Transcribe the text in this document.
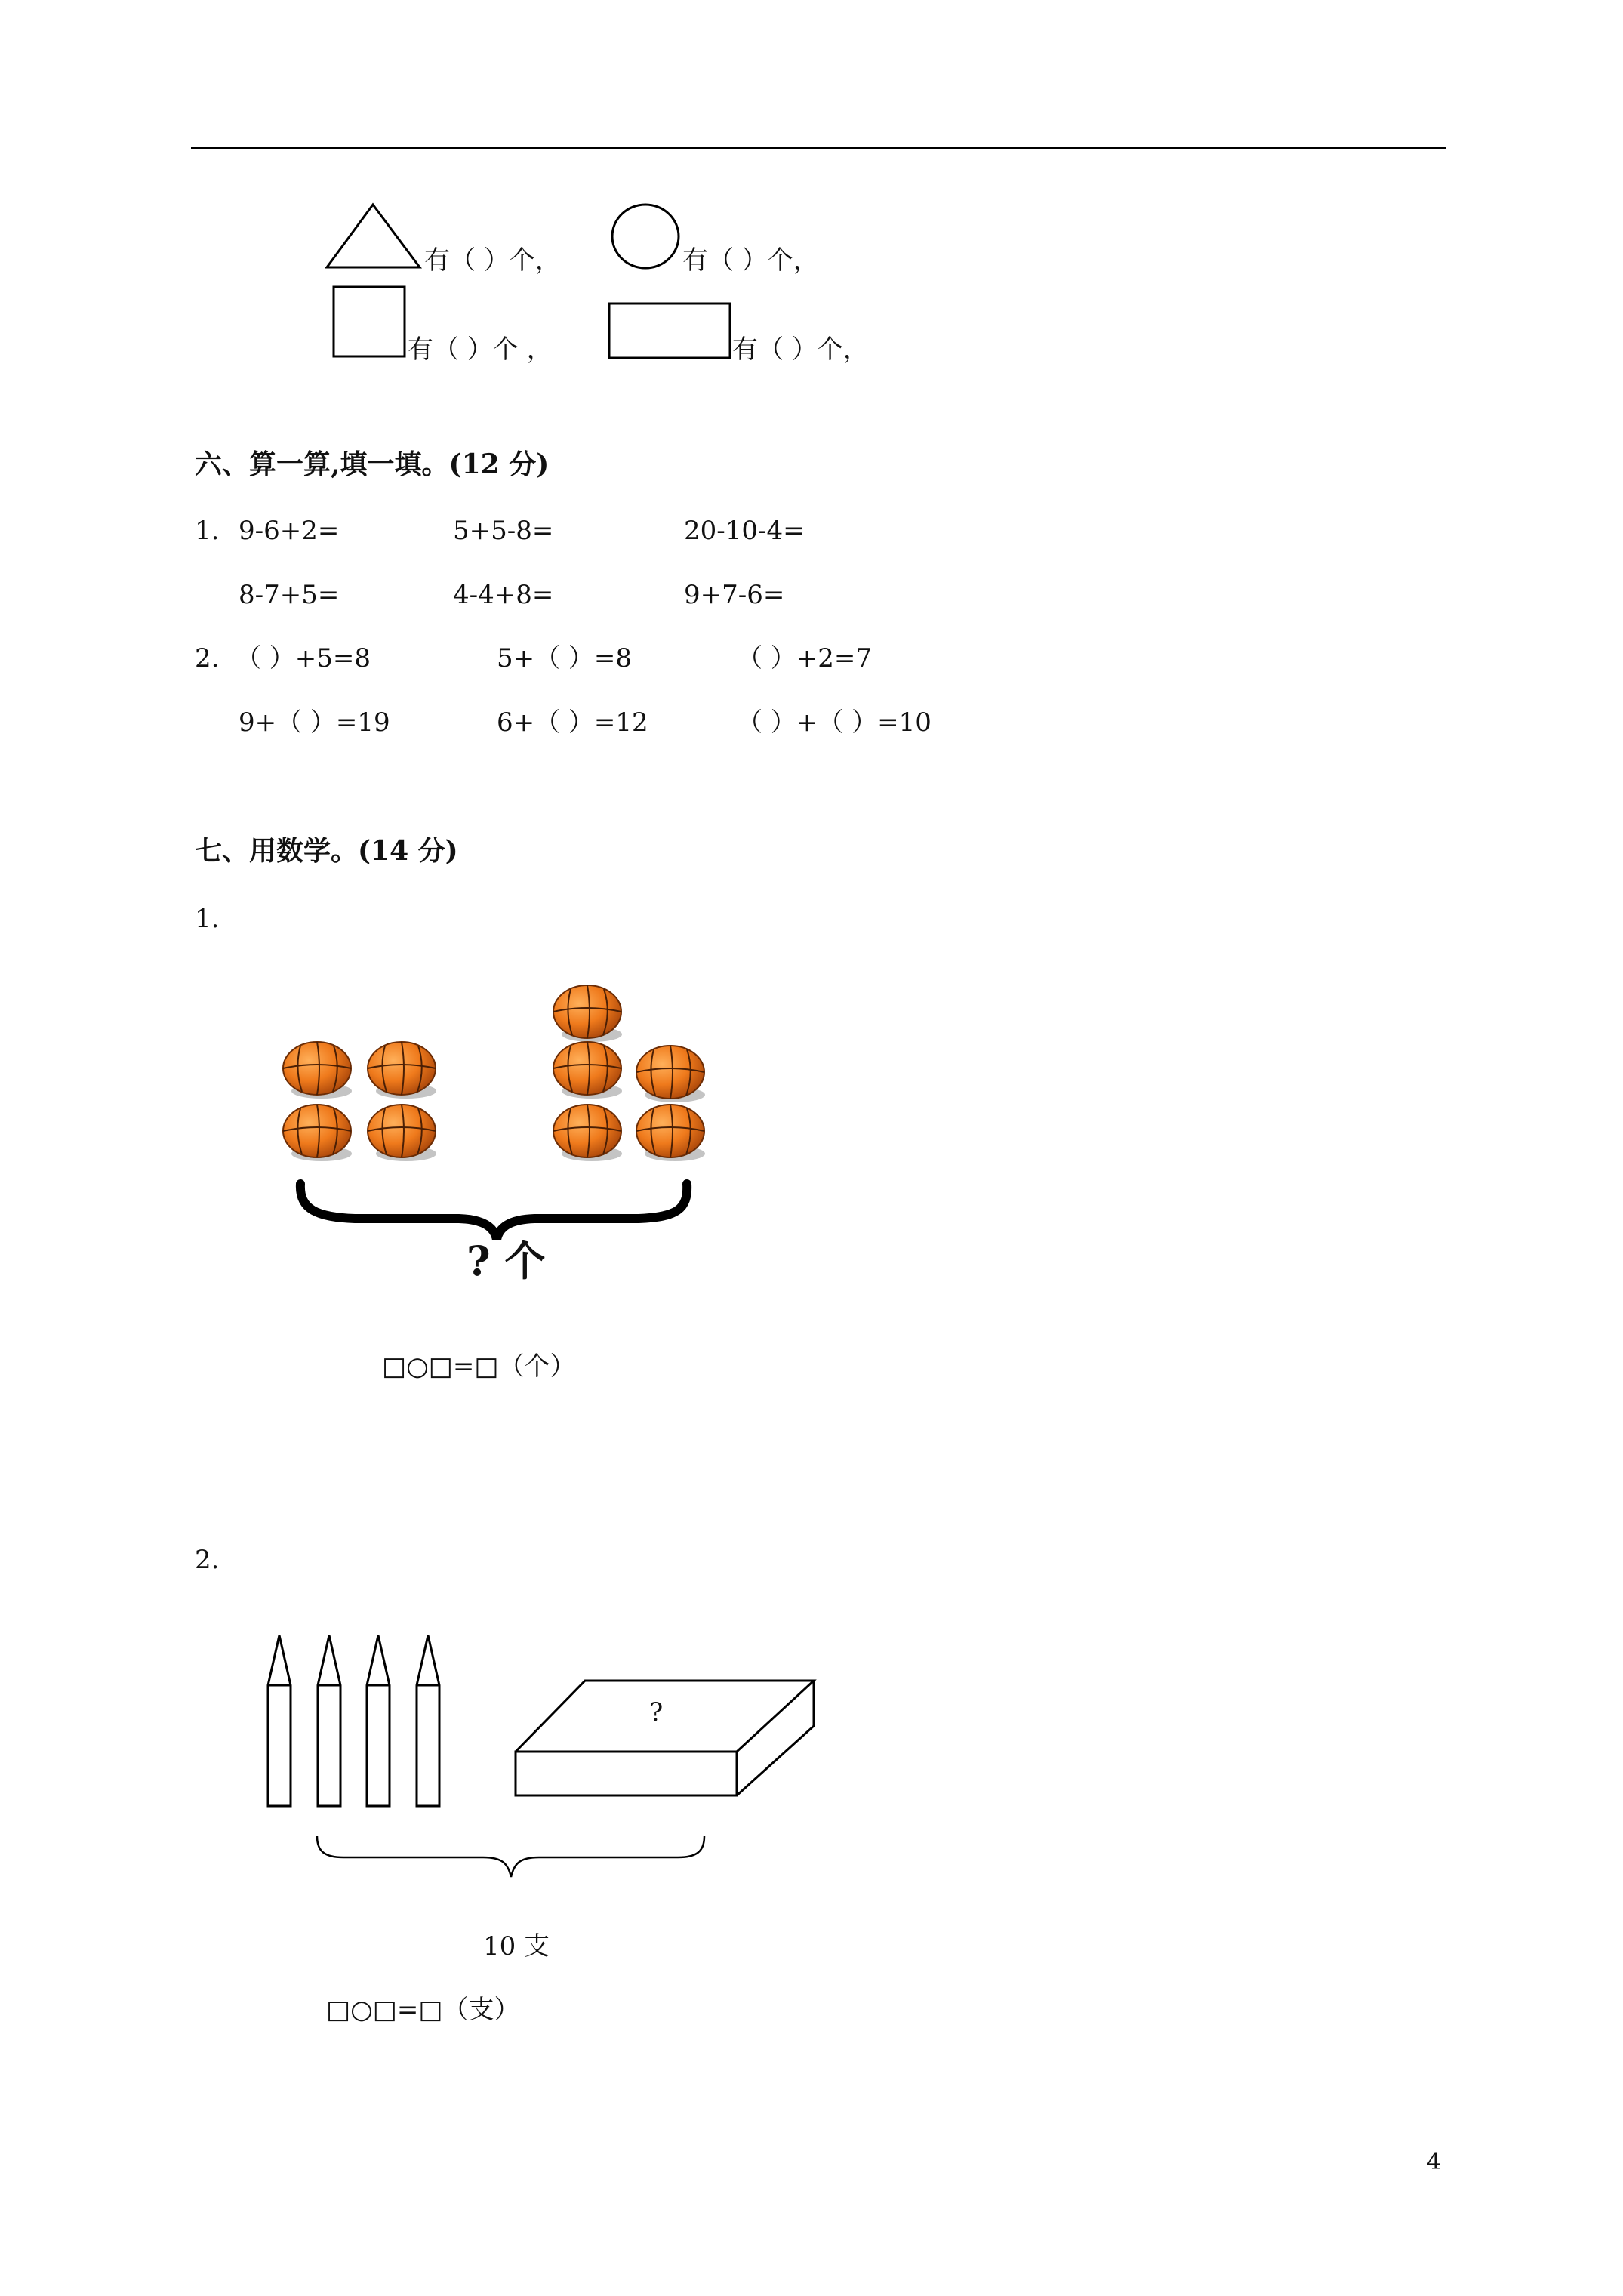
有（ ）个，	有（ ）个，
有（ ）个 ，	有（ ）个，
六、算一算,填一填。(12 分)
1. 9-6+2=	5+5-8=	20-10-4=
8-7+5=	4-4+8=	9+7-6=
2. （ ）+5=8	5+（ ）=8	（ ）+2=7
9+（ ）=19	6+（ ）=12	（ ）+（ ）=10
七、用数学。(14 分)
1.
? 个
□○□=□（个）
2.
?
10 支
□○□=□（支）
4
